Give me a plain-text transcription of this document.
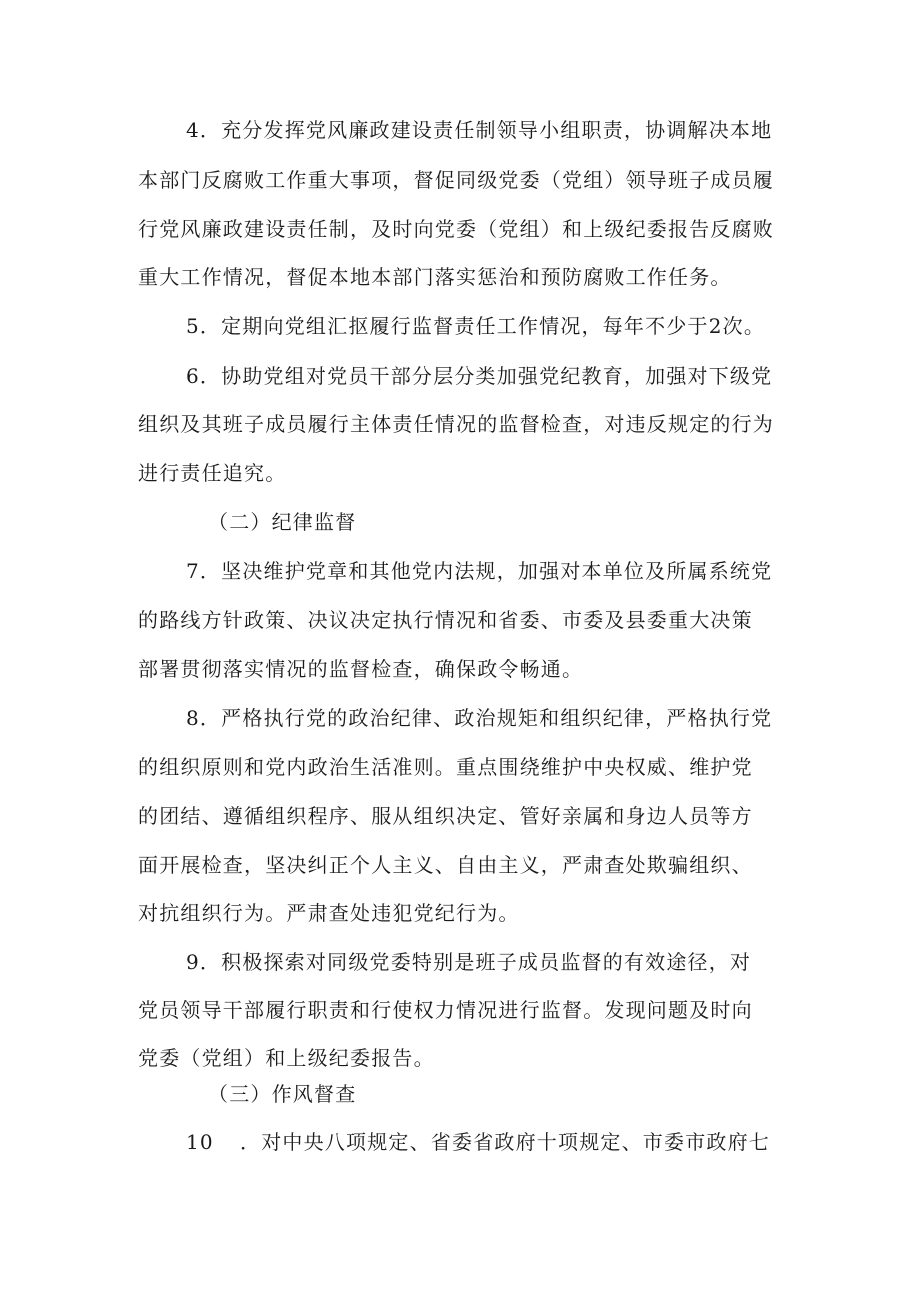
4．充分发挥党风廉政建设责任制领导小组职责，协调解决本地
本部门反腐败工作重大事项，督促同级党委（党组）领导班子成员履
行党风廉政建设责任制，及时向党委（党组）和上级纪委报告反腐败
重大工作情况，督促本地本部门落实惩治和预防腐败工作任务。
5．定期向党组汇抠履行监督责任工作情况，每年不少于2次。
6．协助党组对党员干部分层分类加强党纪教育，加强对下级党
组织及其班子成员履行主体责任情况的监督检查，对违反规定的行为
进行责任追究。
（二）纪律监督
7．坚决维护党章和其他党内法规，加强对本单位及所属系统党
的路线方针政策、决议决定执行情况和省委、市委及县委重大决策
部署贯彻落实情况的监督检查，确保政令畅通。
8．严格执行党的政治纪律、政治规矩和组织纪律，严格执行党
的组织原则和党内政治生活准则。重点围绕维护中央权威、维护党
的团结、遵循组织程序、服从组织决定、管好亲属和身边人员等方
面开展检查，坚决纠正个人主义、自由主义，严肃查处欺骗组织、
对抗组织行为。严肃查处违犯党纪行为。
9．积极探索对同级党委特别是班子成员监督的有效途径，对
党员领导干部履行职责和行使权力情况进行监督。发现问题及时向
党委（党组）和上级纪委报告。
（三）作风督查
10 ．对中央八项规定、省委省政府十项规定、市委市政府七
